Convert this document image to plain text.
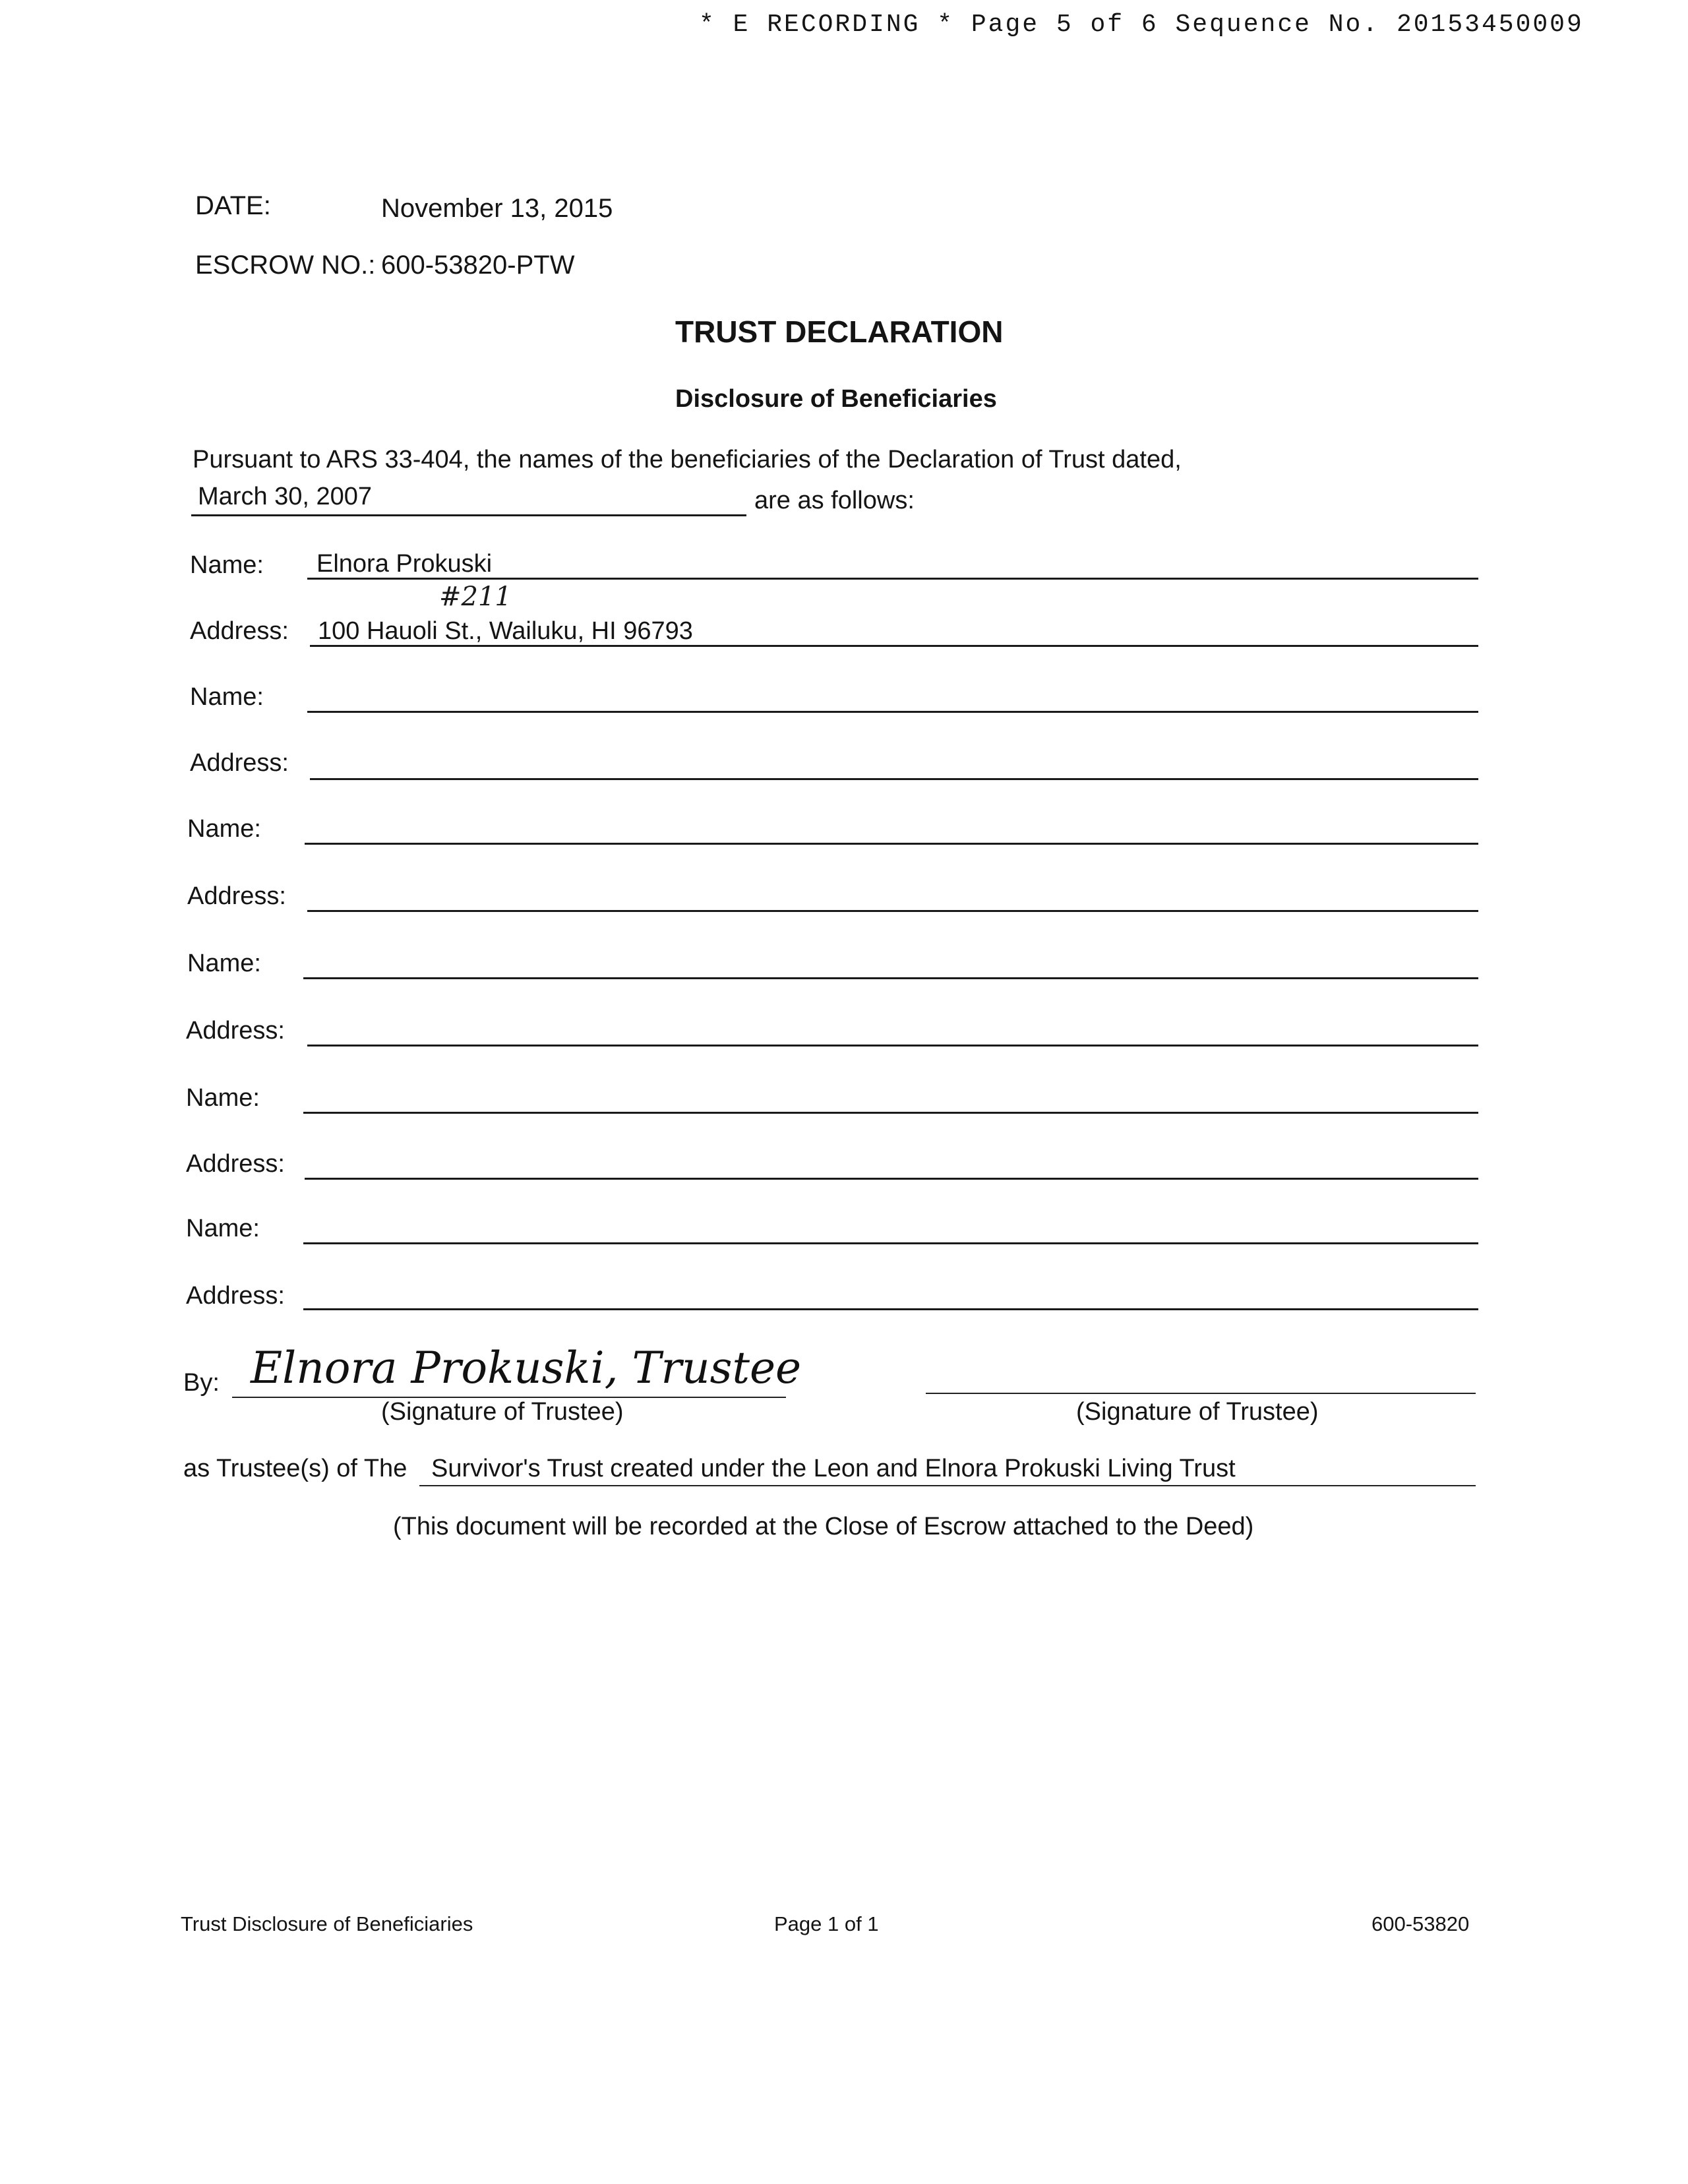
* E RECORDING * Page 5 of 6 Sequence No. 20153450009
DATE:	November 13, 2015
ESCROW NO.: 600-53820-PTW
TRUST DECLARATION
Disclosure of Beneficiaries
Pursuant to ARS 33-404, the names of the beneficiaries of the Declaration of Trust dated,
March 30, 2007	are as follows:
Name: Elnora Prokuski
#211
Address: 100 Hauoli St., Wailuku, HI 96793
Name:
Address:
Name:
Address:
Name:
Address:
Name:
Address:
Name:
Address:
By: Elnora Prokuski, Trustee
(Signature of Trustee)	(Signature of Trustee)
as Trustee(s) of The Survivor's Trust created under the Leon and Elnora Prokuski Living Trust
(This document will be recorded at the Close of Escrow attached to the Deed)
Trust Disclosure of Beneficiaries	Page 1 of 1	600-53820
